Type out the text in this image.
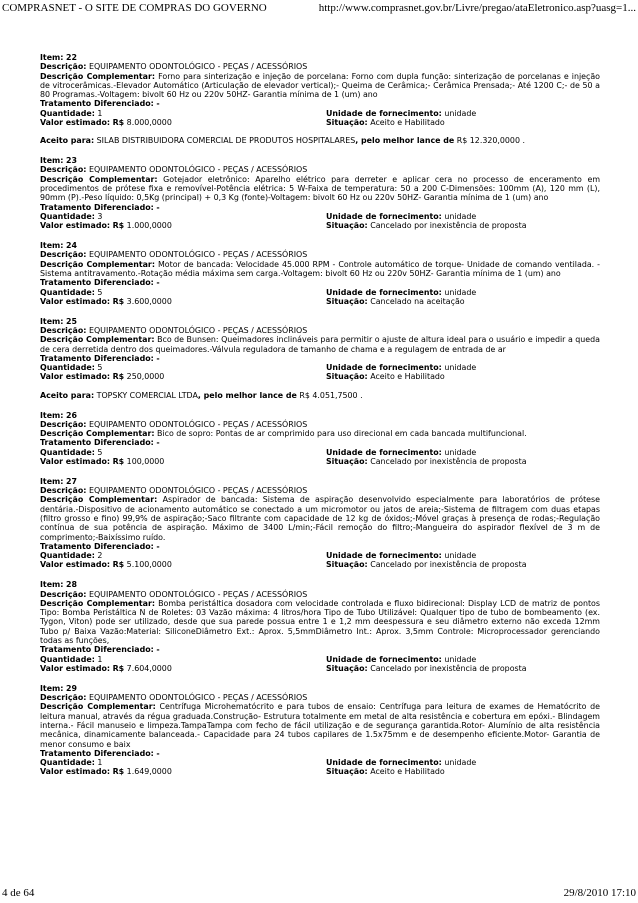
COMPRASNET - O SITE DE COMPRAS DO GOVERNO	http://www.comprasnet.gov.br/Livre/pregao/ataEletronico.asp?uasg=1...
Item: 22
Descrição: EQUIPAMENTO ODONTOLÓGICO - PEÇAS / ACESSÓRIOS
Descrição Complementar: Forno para sinterização e injeção de porcelana: Forno com dupla função: sinterização de porcelanas e injeção de vitrocerâmicas.-Elevador Automático (Articulação de elevador vertical);- Queima de Cerâmica;- Cerâmica Prensada;- Até 1200 C;- de 50 a 80 Programas.-Voltagem: bivolt 60 Hz ou 220v 50HZ- Garantia mínima de 1 (um) ano
Tratamento Diferenciado: -
Quantidade: 1	Unidade de fornecimento: unidade
Valor estimado: R$ 8.000,0000	Situação: Aceito e Habilitado
Aceito para: SILAB DISTRIBUIDORA COMERCIAL DE PRODUTOS HOSPITALARES, pelo melhor lance de R$ 12.320,0000 .
Item: 23
Descrição: EQUIPAMENTO ODONTOLÓGICO - PEÇAS / ACESSÓRIOS
Descrição Complementar: Gotejador eletrônico: Aparelho elétrico para derreter e aplicar cera no processo de enceramento em procedimentos de prótese fixa e removível-Potência elétrica: 5 W-Faixa de temperatura: 50 a 200 C-Dimensões: 100mm (A), 120 mm (L), 90mm (P).-Peso líquido: 0,5Kg (principal) + 0,3 Kg (fonte)-Voltagem: bivolt 60 Hz ou 220v 50HZ- Garantia mínima de 1 (um) ano
Tratamento Diferenciado: -
Quantidade: 3	Unidade de fornecimento: unidade
Valor estimado: R$ 1.000,0000	Situação: Cancelado por inexistência de proposta
Item: 24
Descrição: EQUIPAMENTO ODONTOLÓGICO - PEÇAS / ACESSÓRIOS
Descrição Complementar: Motor de bancada: Velocidade 45.000 RPM - Controle automático de torque- Unidade de comando ventilada. - Sistema antitravamento.-Rotação média máxima sem carga.-Voltagem: bivolt 60 Hz ou 220v 50HZ- Garantia mínima de 1 (um) ano
Tratamento Diferenciado: -
Quantidade: 5	Unidade de fornecimento: unidade
Valor estimado: R$ 3.600,0000	Situação: Cancelado na aceitação
Item: 25
Descrição: EQUIPAMENTO ODONTOLÓGICO - PEÇAS / ACESSÓRIOS
Descrição Complementar: Bco de Bunsen: Queimadores inclináveis para permitir o ajuste de altura ideal para o usuário e impedir a queda de cera derretida dentro dos queimadores.-Válvula reguladora de tamanho de chama e a regulagem de entrada de ar
Tratamento Diferenciado: -
Quantidade: 5	Unidade de fornecimento: unidade
Valor estimado: R$ 250,0000	Situação: Aceito e Habilitado
Aceito para: TOPSKY COMERCIAL LTDA, pelo melhor lance de R$ 4.051,7500 .
Item: 26
Descrição: EQUIPAMENTO ODONTOLÓGICO - PEÇAS / ACESSÓRIOS
Descrição Complementar: Bico de sopro: Pontas de ar comprimido para uso direcional em cada bancada multifuncional.
Tratamento Diferenciado: -
Quantidade: 5	Unidade de fornecimento: unidade
Valor estimado: R$ 100,0000	Situação: Cancelado por inexistência de proposta
Item: 27
Descrição: EQUIPAMENTO ODONTOLÓGICO - PEÇAS / ACESSÓRIOS
Descrição Complementar: Aspirador de bancada: Sistema de aspiração desenvolvido especialmente para laboratórios de prótese dentária.-Dispositivo de acionamento automático se conectado a um micromotor ou jatos de areia;-Sistema de filtragem com duas etapas (filtro grosso e fino) 99,9% de aspiração;-Saco filtrante com capacidade de 12 kg de óxidos;-Móvel graças à presença de rodas;-Regulação contínua de sua potência de aspiração. Máximo de 3400 L/min;-Fácil remoção do filtro;-Mangueira do aspirador flexível de 3 m de comprimento;-Baixíssimo ruído.
Tratamento Diferenciado: -
Quantidade: 2	Unidade de fornecimento: unidade
Valor estimado: R$ 5.100,0000	Situação: Cancelado por inexistência de proposta
Item: 28
Descrição: EQUIPAMENTO ODONTOLÓGICO - PEÇAS / ACESSÓRIOS
Descrição Complementar: Bomba peristáltica dosadora com velocidade controlada e fluxo bidirecional: Display LCD de matriz de pontos Tipo: Bomba Peristáltica N de Roletes: 03 Vazão máxima: 4 litros/hora Tipo de Tubo Utilizável: Qualquer tipo de tubo de bombeamento (ex. Tygon, Viton) pode ser utilizado, desde que sua parede possua entre 1 e 1,2 mm deespessura e seu diâmetro externo não exceda 12mm Tubo p/ Baixa Vazão:Material: SiliconeDiâmetro Ext.: Aprox. 5,5mmDiâmetro Int.: Aprox. 3,5mm Controle: Microprocessador gerenciando todas as funções,
Tratamento Diferenciado: -
Quantidade: 1	Unidade de fornecimento: unidade
Valor estimado: R$ 7.604,0000	Situação: Cancelado por inexistência de proposta
Item: 29
Descrição: EQUIPAMENTO ODONTOLÓGICO - PEÇAS / ACESSÓRIOS
Descrição Complementar: Centrífuga Microhematócrito e para tubos de ensaio: Centrífuga para leitura de exames de Hematócrito de leitura manual, através da régua graduada.Construção- Estrutura totalmente em metal de alta resistência e cobertura em epóxi.- Blindagem interna.- Fácil manuseio e limpeza.TampaTampa com fecho de fácil utilização e de segurança garantida.Rotor- Alumínio de alta resistência mecânica, dinamicamente balanceada.- Capacidade para 24 tubos capilares de 1.5x75mm e de desempenho eficiente.Motor- Garantia de menor consumo e baix
Tratamento Diferenciado: -
Quantidade: 1	Unidade de fornecimento: unidade
Valor estimado: R$ 1.649,0000	Situação: Aceito e Habilitado
4 de 64	29/8/2010 17:10
